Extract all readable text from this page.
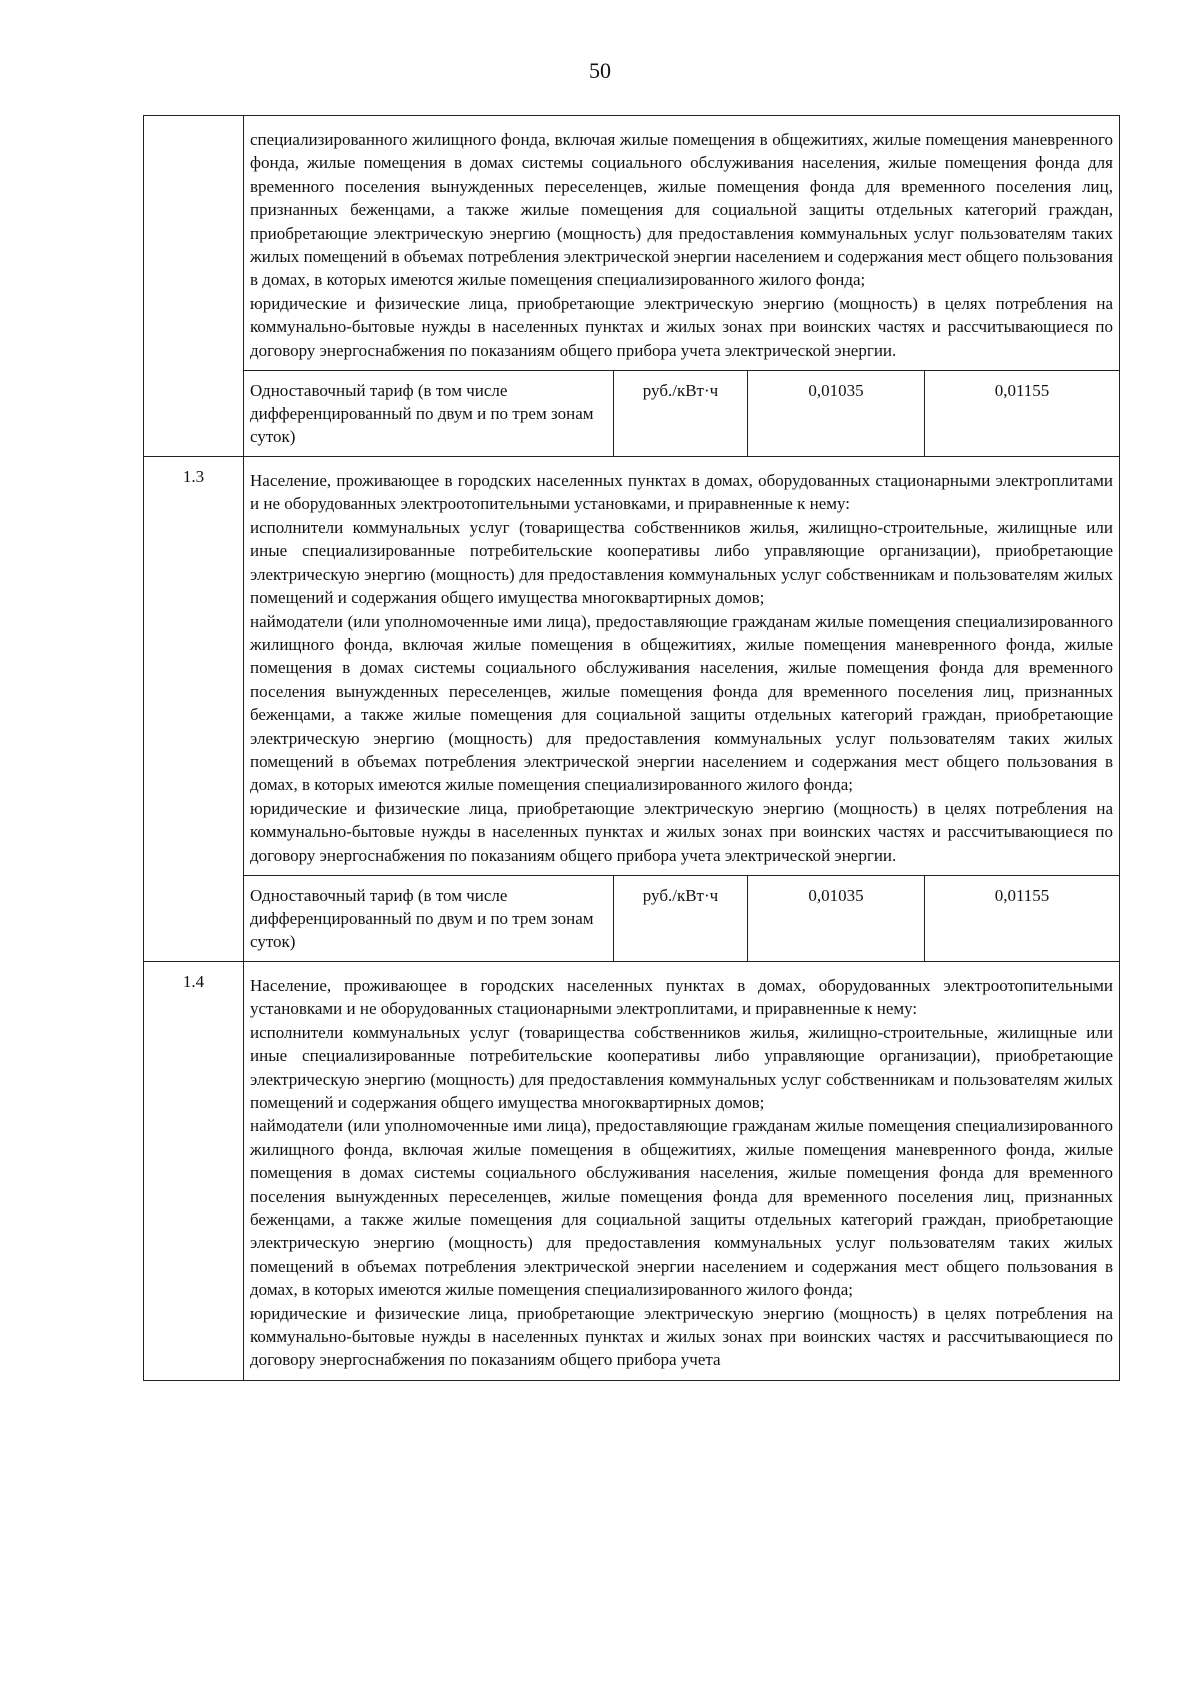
50

специализированного жилищного фонда, включая жилые помещения в общежитиях, жилые помещения маневренного фонда, жилые помещения в домах системы социального обслуживания населения, жилые помещения фонда для временного поселения вынужденных переселенцев, жилые помещения фонда для временного поселения лиц, признанных беженцами, а также жилые помещения для социальной защиты отдельных категорий граждан, приобретающие электрическую энергию (мощность) для предоставления коммунальных услуг пользователям таких жилых помещений в объемах потребления электрической энергии населением и содержания мест общего пользования в домах, в которых имеются жилые помещения специализированного жилого фонда;

юридические и физические лица, приобретающие электрическую энергию (мощность) в целях потребления на коммунально-бытовые нужды в населенных пунктах и жилых зонах при воинских частях и рассчитывающиеся по договору энергоснабжения по показаниям общего прибора учета электрической энергии.

Одноставочный тариф (в том числе дифференцированный по двум и по трем зонам суток)	руб./кВт·ч	0,01035	0,01155

1.3	Население, проживающее в городских населенных пунктах в домах, оборудованных стационарными электроплитами и не оборудованных электроотопительными установками, и приравненные к нему:

исполнители коммунальных услуг (товарищества собственников жилья, жилищно-строительные, жилищные или иные специализированные потребительские кооперативы либо управляющие организации), приобретающие электрическую энергию (мощность) для предоставления коммунальных услуг собственникам и пользователям жилых помещений и содержания общего имущества многоквартирных домов;

наймодатели (или уполномоченные ими лица), предоставляющие гражданам жилые помещения специализированного жилищного фонда, включая жилые помещения в общежитиях, жилые помещения маневренного фонда, жилые помещения в домах системы социального обслуживания населения, жилые помещения фонда для временного поселения вынужденных переселенцев, жилые помещения фонда для временного поселения лиц, признанных беженцами, а также жилые помещения для социальной защиты отдельных категорий граждан, приобретающие электрическую энергию (мощность) для предоставления коммунальных услуг пользователям таких жилых помещений в объемах потребления электрической энергии населением и содержания мест общего пользования в домах, в которых имеются жилые помещения специализированного жилого фонда;

юридические и физические лица, приобретающие электрическую энергию (мощность) в целях потребления на коммунально-бытовые нужды в населенных пунктах и жилых зонах при воинских частях и рассчитывающиеся по договору энергоснабжения по показаниям общего прибора учета электрической энергии.

Одноставочный тариф (в том числе дифференцированный по двум и по трем зонам суток)	руб./кВт·ч	0,01035	0,01155

1.4	Население, проживающее в городских населенных пунктах в домах, оборудованных электроотопительными установками и не оборудованных стационарными электроплитами, и приравненные к нему:

исполнители коммунальных услуг (товарищества собственников жилья, жилищно-строительные, жилищные или иные специализированные потребительские кооперативы либо управляющие организации), приобретающие электрическую энергию (мощность) для предоставления коммунальных услуг собственникам и пользователям жилых помещений и содержания общего имущества многоквартирных домов;

наймодатели (или уполномоченные ими лица), предоставляющие гражданам жилые помещения специализированного жилищного фонда, включая жилые помещения в общежитиях, жилые помещения маневренного фонда, жилые помещения в домах системы социального обслуживания населения, жилые помещения фонда для временного поселения вынужденных переселенцев, жилые помещения фонда для временного поселения лиц, признанных беженцами, а также жилые помещения для социальной защиты отдельных категорий граждан, приобретающие электрическую энергию (мощность) для предоставления коммунальных услуг пользователям таких жилых помещений в объемах потребления электрической энергии населением и содержания мест общего пользования в домах, в которых имеются жилые помещения специализированного жилого фонда;

юридические и физические лица, приобретающие электрическую энергию (мощность) в целях потребления на коммунально-бытовые нужды в населенных пунктах и жилых зонах при воинских частях и рассчитывающиеся по договору энергоснабжения по показаниям общего прибора учета
